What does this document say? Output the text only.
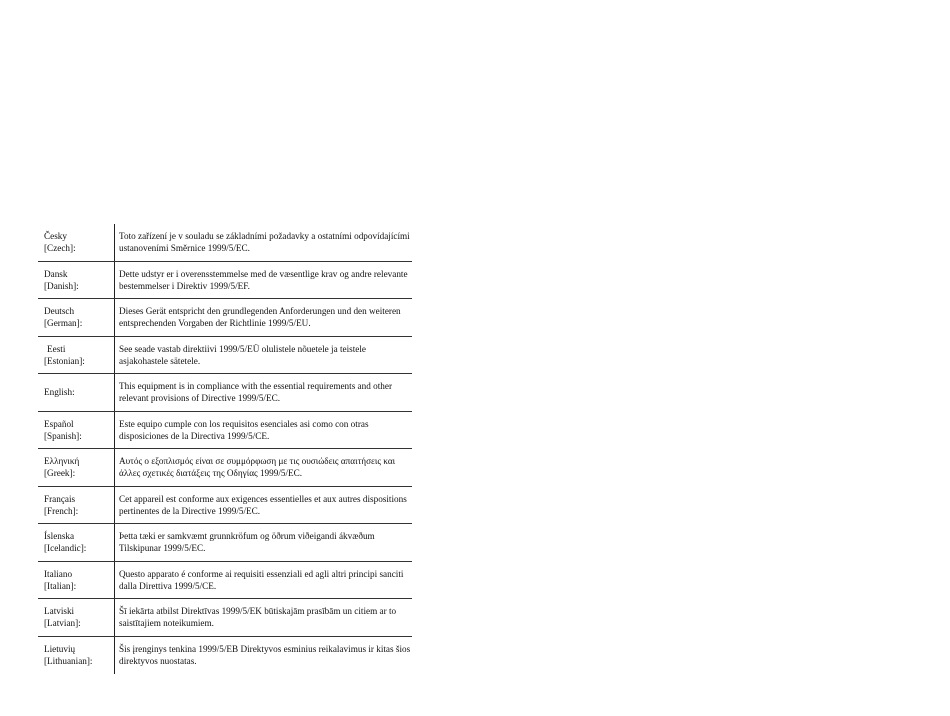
Česky
[Czech]:
Toto zařízení je v souladu se základními požadavky a ostatními odpovídajícími ustanoveními Směrnice 1999/5/EC.
Dansk
[Danish]:
Dette udstyr er i overensstemmelse med de væsentlige krav og andre relevante bestemmelser i Direktiv 1999/5/EF.
Deutsch
[German]:
Dieses Gerät entspricht den grundlegenden Anforderungen und den weiteren entsprechenden Vorgaben der Richtlinie 1999/5/EU.
Eesti
[Estonian]:
See seade vastab direktiivi 1999/5/EÜ olulistele nõuetele ja teistele asjakohastele sätetele.
English:
This equipment is in compliance with the essential requirements and other relevant provisions of Directive 1999/5/EC.
Español
[Spanish]:
Este equipo cumple con los requisitos esenciales asi como con otras disposiciones de la Directiva 1999/5/CE.
Ελληνική
[Greek]:
Αυτός ο εξοπλισμός είναι σε συμμόρφωση με τις ουσιώδεις απαιτήσεις και άλλες σχετικές διατάξεις της Οδηγίας 1999/5/EC.
Français
[French]:
Cet appareil est conforme aux exigences essentielles et aux autres dispositions pertinentes de la Directive 1999/5/EC.
Íslenska
[Icelandic]:
Þetta tæki er samkvæmt grunnkröfum og öðrum viðeigandi ákvæðum Tilskipunar 1999/5/EC.
Italiano
[Italian]:
Questo apparato é conforme ai requisiti essenziali ed agli altri principi sanciti dalla Direttiva 1999/5/CE.
Latviski
[Latvian]:
Šī iekārta atbilst Direktīvas 1999/5/EK būtiskajām prasībām un citiem ar to saistītajiem noteikumiem.
Lietuvių
[Lithuanian]:
Šis įrenginys tenkina 1999/5/EB Direktyvos esminius reikalavimus ir kitas šios direktyvos nuostatas.
